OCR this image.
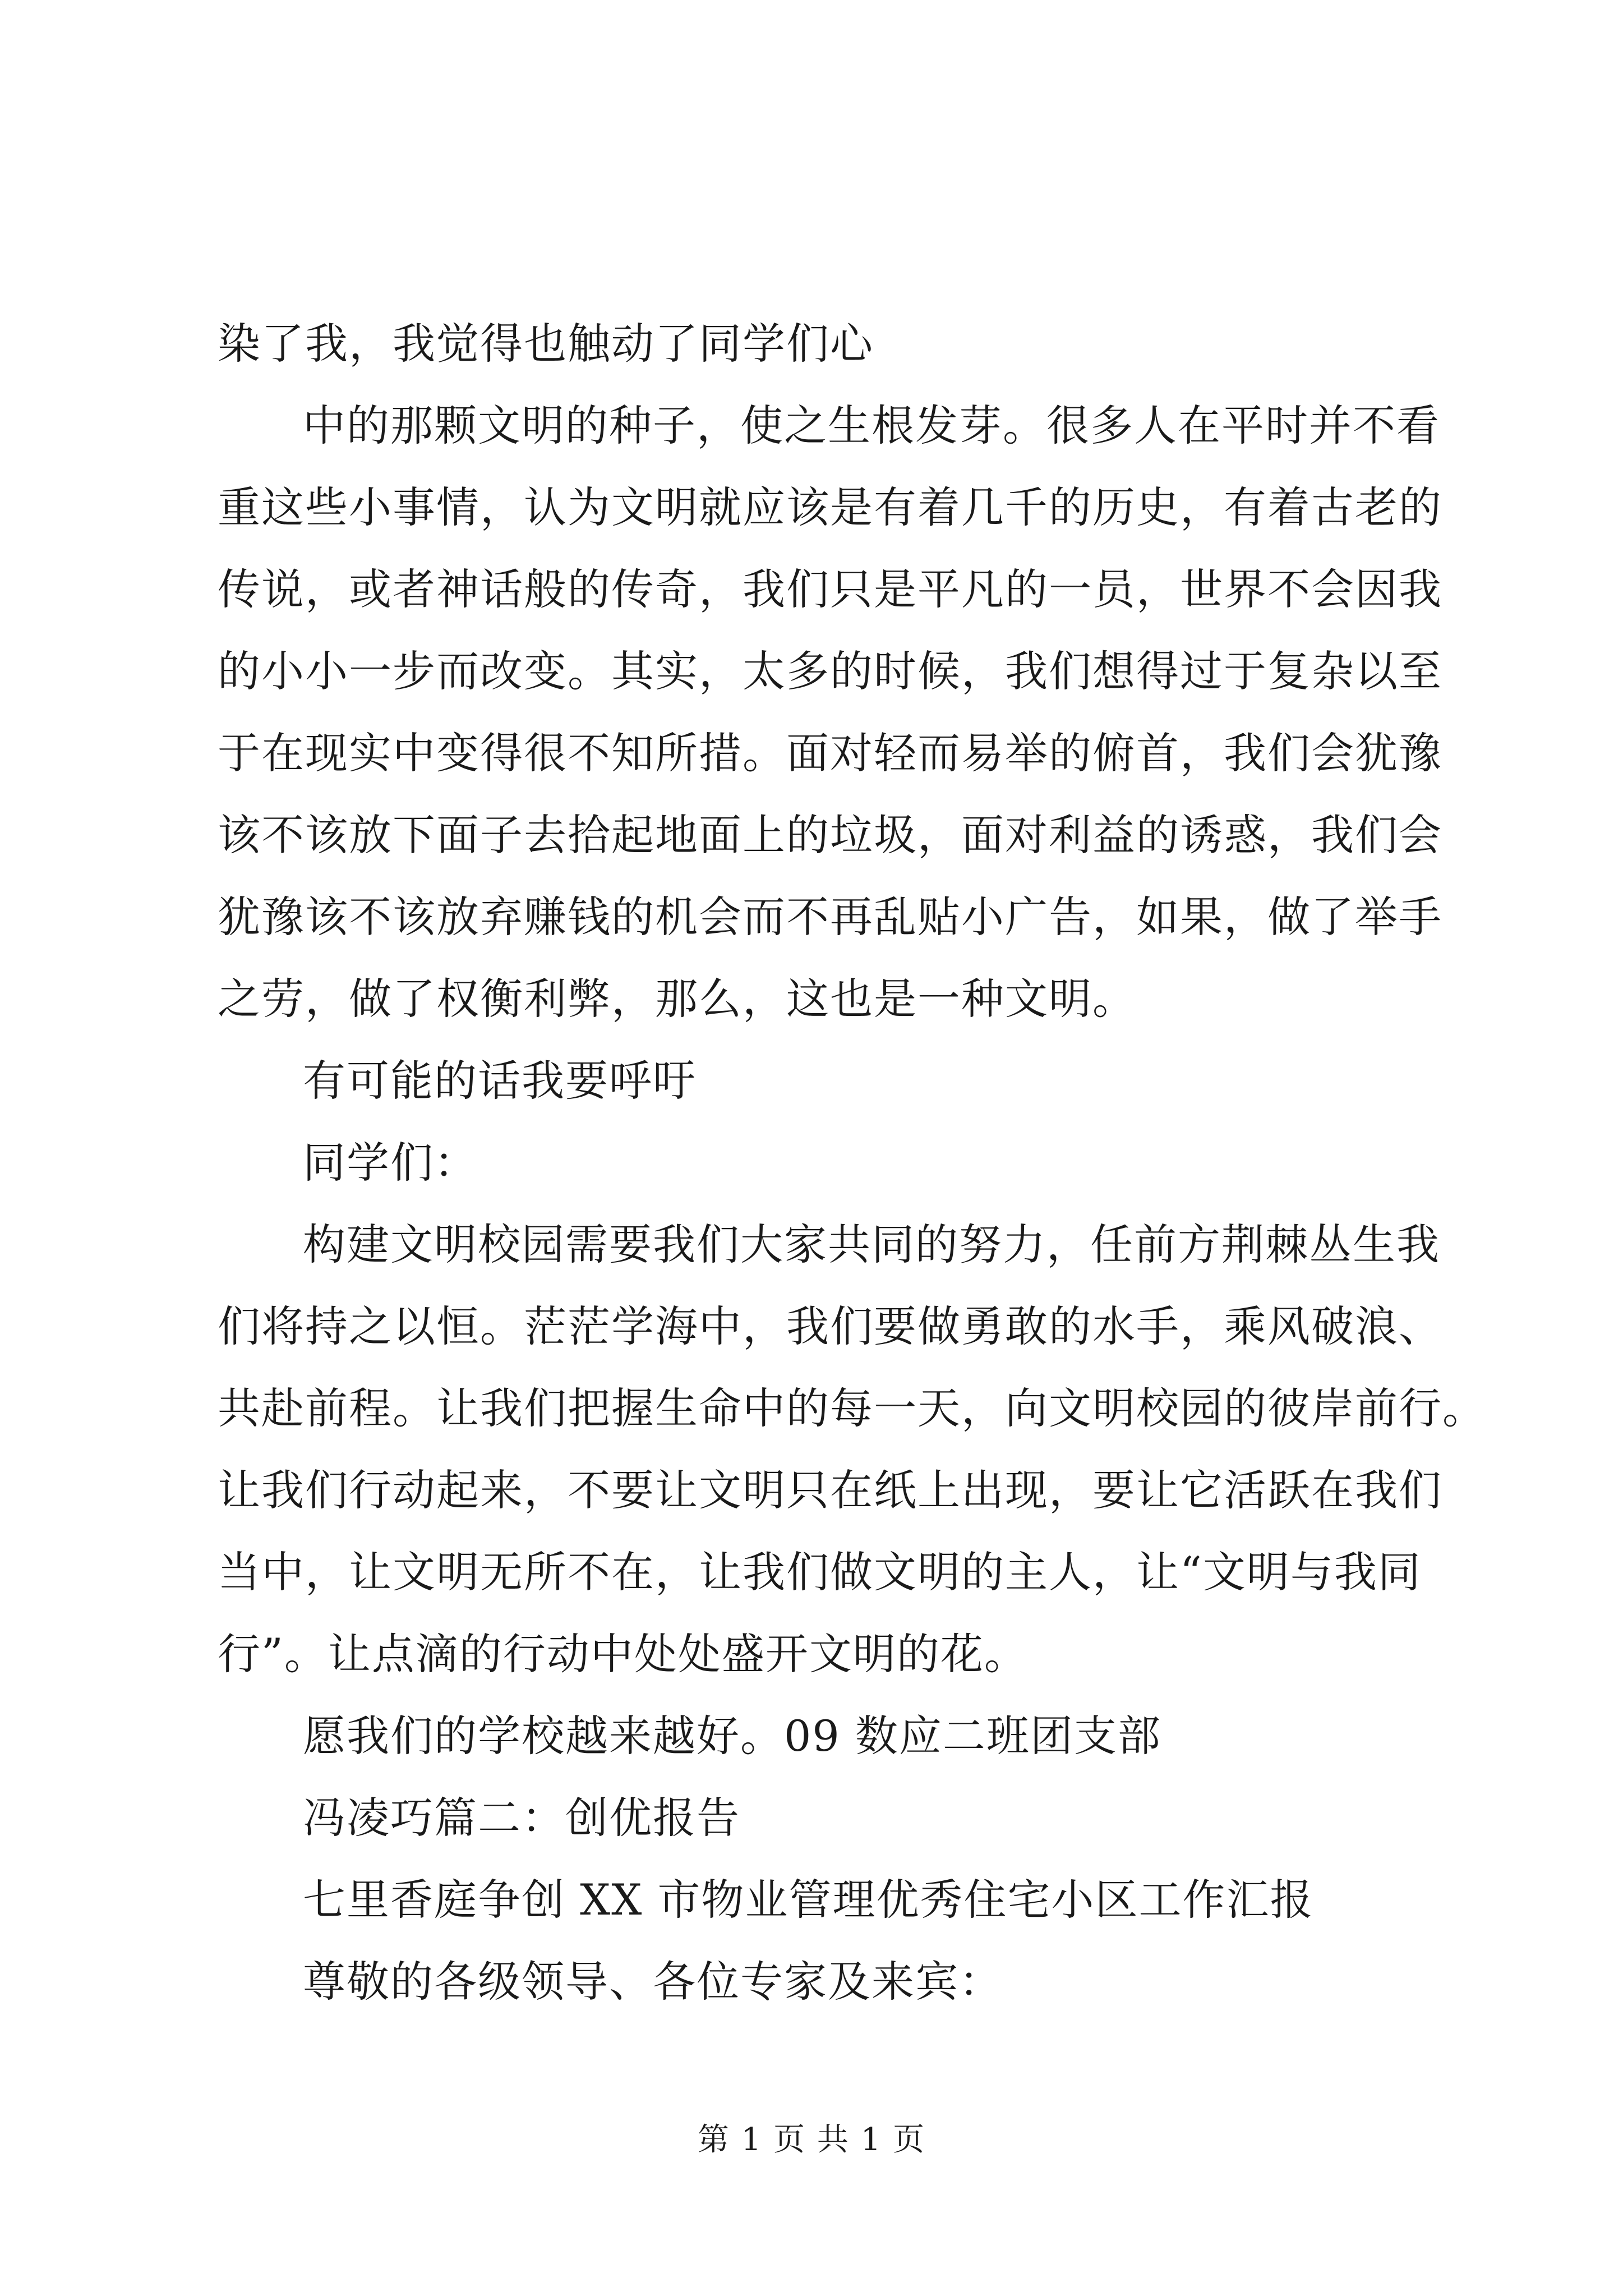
染了我，我觉得也触动了同学们心
中的那颗文明的种子，使之生根发芽。很多人在平时并不看
重这些小事情，认为文明就应该是有着几千的历史，有着古老的
传说，或者神话般的传奇，我们只是平凡的一员，世界不会因我
的小小一步而改变。其实，太多的时候，我们想得过于复杂以至
于在现实中变得很不知所措。面对轻而易举的俯首，我们会犹豫
该不该放下面子去拾起地面上的垃圾，面对利益的诱惑，我们会
犹豫该不该放弃赚钱的机会而不再乱贴小广告，如果，做了举手
之劳，做了权衡利弊，那么，这也是一种文明。
有可能的话我要呼吁
同学们：
构建文明校园需要我们大家共同的努力，任前方荆棘丛生我
们将持之以恒。茫茫学海中，我们要做勇敢的水手，乘风破浪、
共赴前程。让我们把握生命中的每一天，向文明校园的彼岸前行。
让我们行动起来，不要让文明只在纸上出现，要让它活跃在我们
当中，让文明无所不在，让我们做文明的主人，让“文明与我同
行”。让点滴的行动中处处盛开文明的花。
愿我们的学校越来越好。09 数应二班团支部
冯凌巧篇二：创优报告
七里香庭争创 XX 市物业管理优秀住宅小区工作汇报
尊敬的各级领导、各位专家及来宾：
第 1 页 共 1 页
